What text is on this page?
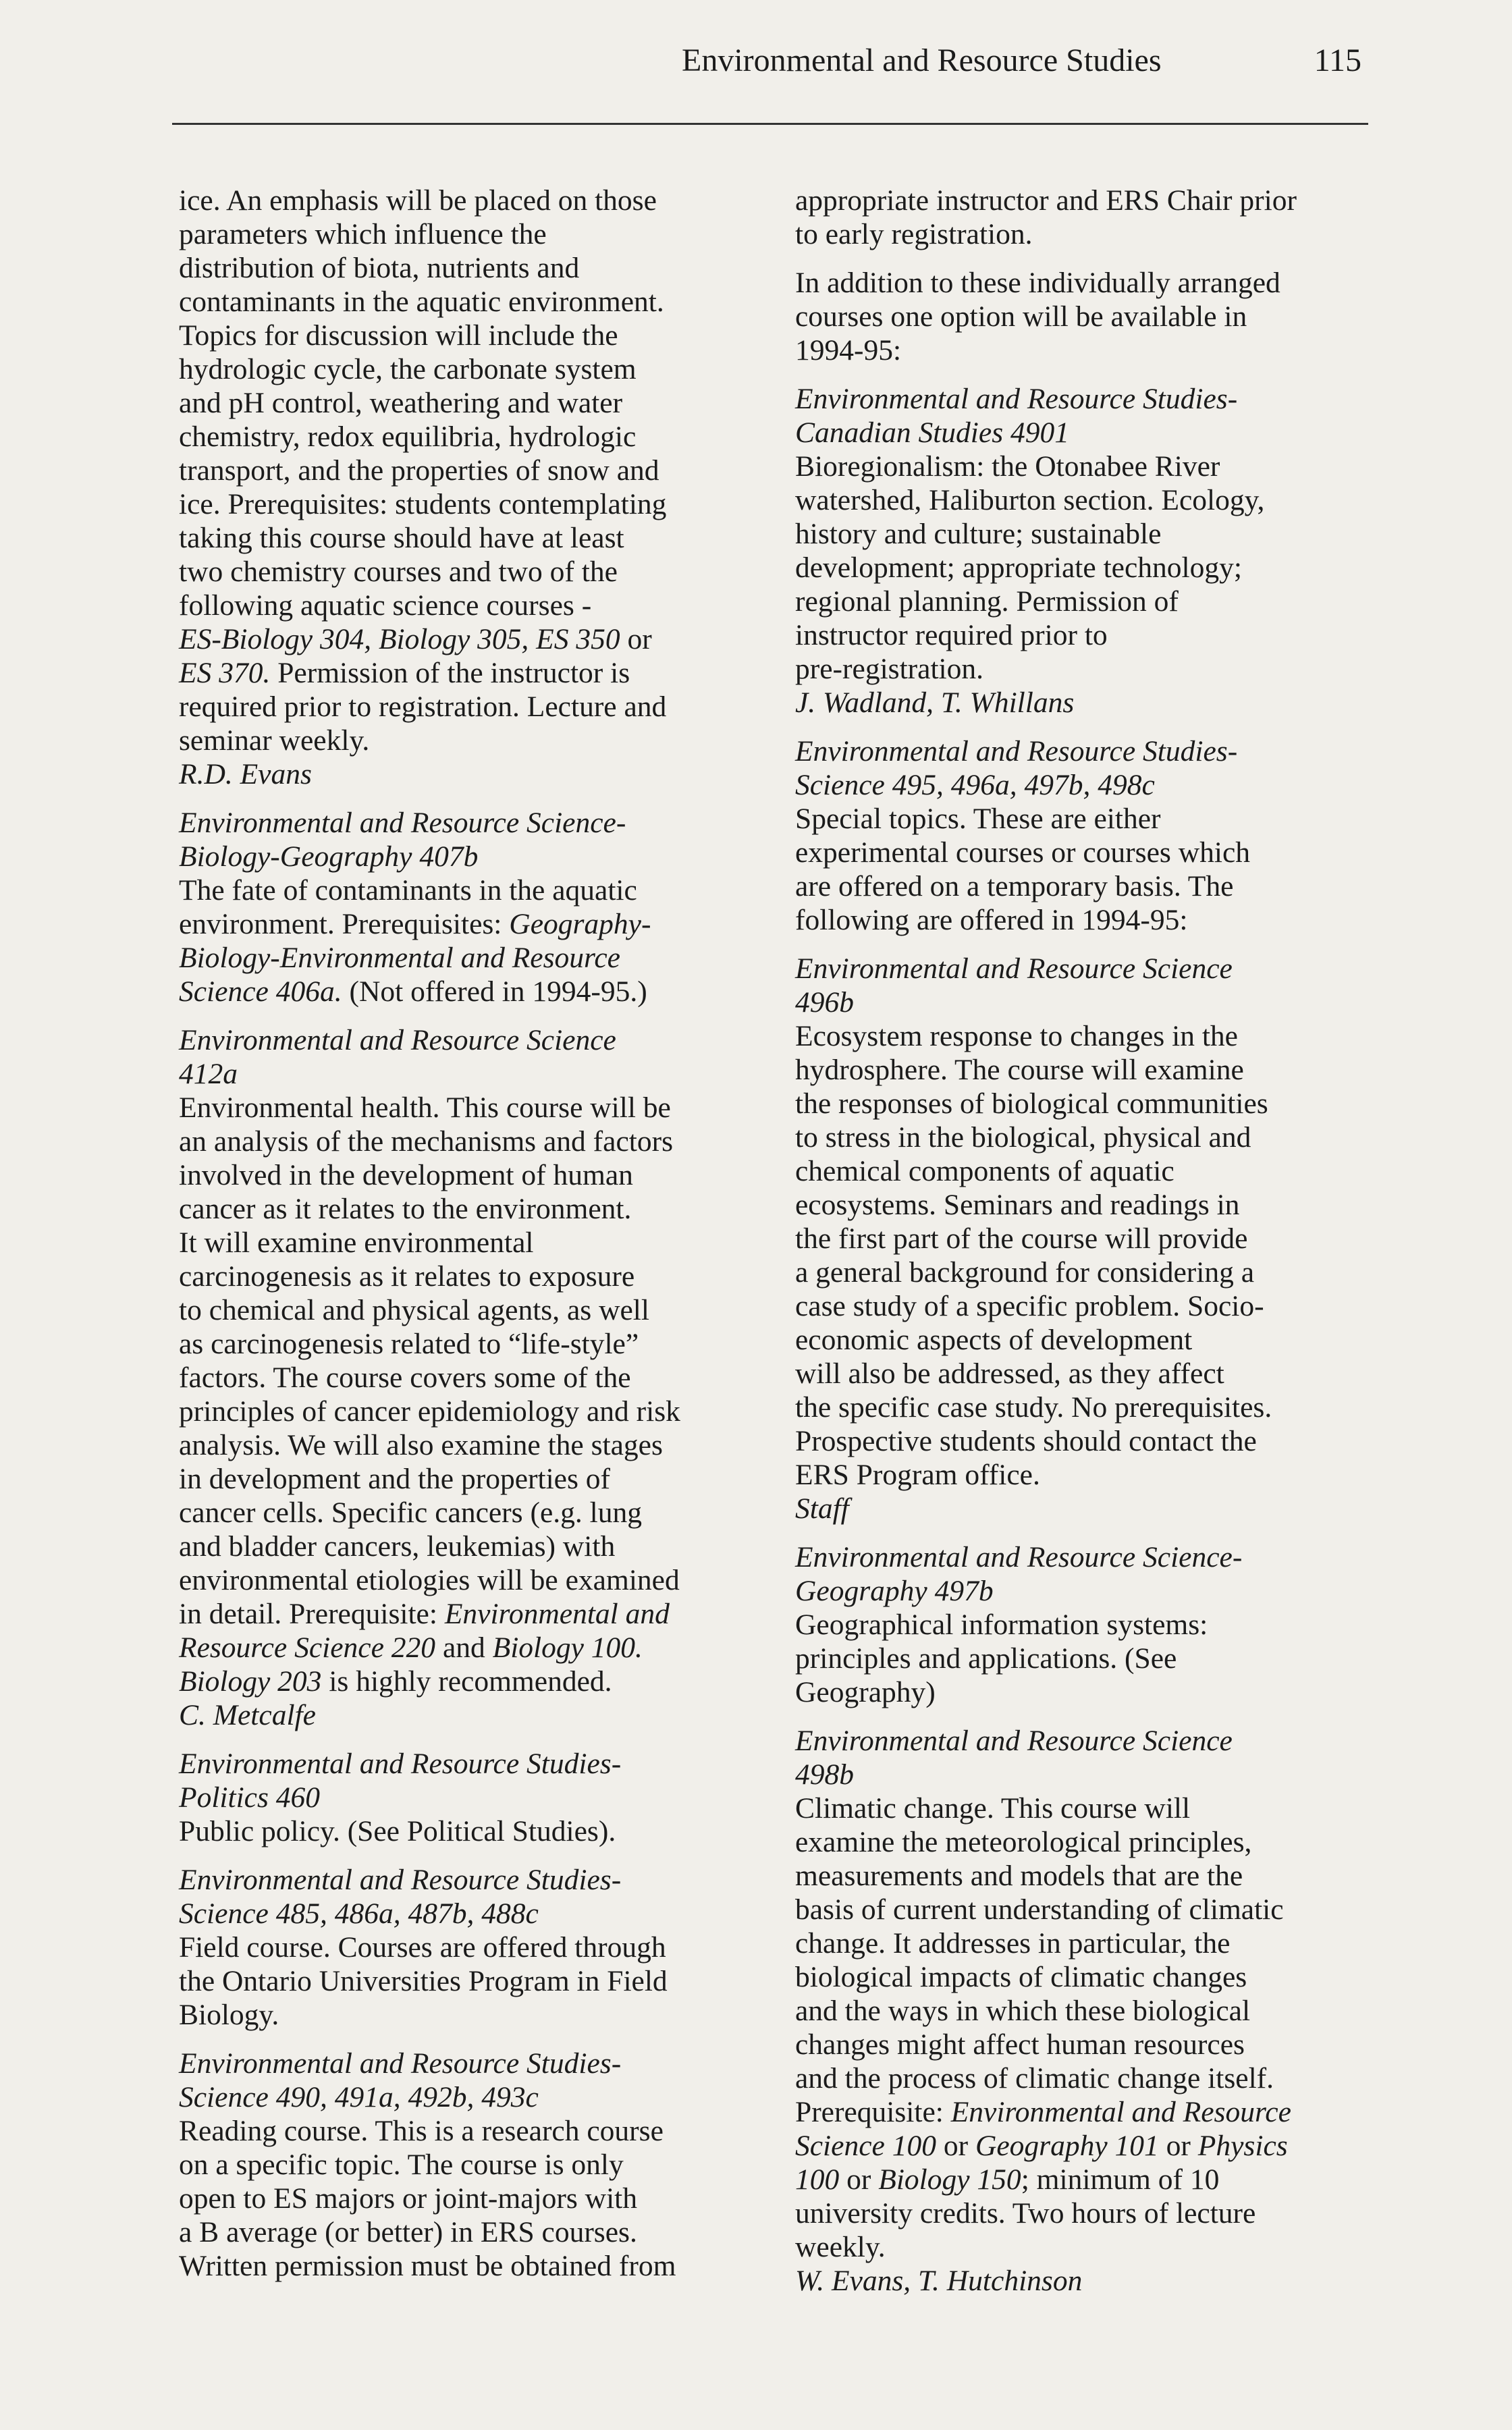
Environmental and Resource Studies	115
ice. An emphasis will be placed on those
parameters which influence the
distribution of biota, nutrients and
contaminants in the aquatic environment.
Topics for discussion will include the
hydrologic cycle, the carbonate system
and pH control, weathering and water
chemistry, redox equilibria, hydrologic
transport, and the properties of snow and
ice. Prerequisites: students contemplating
taking this course should have at least
two chemistry courses and two of the
following aquatic science courses -
ES-Biology 304, Biology 305, ES 350 or
ES 370. Permission of the instructor is
required prior to registration. Lecture and
seminar weekly.
R.D. Evans
Environmental and Resource Science-
Biology-Geography 407b
The fate of contaminants in the aquatic
environment. Prerequisites: Geography-
Biology-Environmental and Resource
Science 406a. (Not offered in 1994-95.)
Environmental and Resource Science
412a
Environmental health. This course will be
an analysis of the mechanisms and factors
involved in the development of human
cancer as it relates to the environment.
It will examine environmental
carcinogenesis as it relates to exposure
to chemical and physical agents, as well
as carcinogenesis related to “life-style”
factors. The course covers some of the
principles of cancer epidemiology and risk
analysis. We will also examine the stages
in development and the properties of
cancer cells. Specific cancers (e.g. lung
and bladder cancers, leukemias) with
environmental etiologies will be examined
in detail. Prerequisite: Environmental and
Resource Science 220 and Biology 100.
Biology 203 is highly recommended.
C. Metcalfe
Environmental and Resource Studies-
Politics 460
Public policy. (See Political Studies).
Environmental and Resource Studies-
Science 485, 486a, 487b, 488c
Field course. Courses are offered through
the Ontario Universities Program in Field
Biology.
Environmental and Resource Studies-
Science 490, 491a, 492b, 493c
Reading course. This is a research course
on a specific topic. The course is only
open to ES majors or joint-majors with
a B average (or better) in ERS courses.
Written permission must be obtained from
appropriate instructor and ERS Chair prior
to early registration.
In addition to these individually arranged
courses one option will be available in
1994-95:
Environmental and Resource Studies-
Canadian Studies 4901
Bioregionalism: the Otonabee River
watershed, Haliburton section. Ecology,
history and culture; sustainable
development; appropriate technology;
regional planning. Permission of
instructor required prior to
pre-registration.
J. Wadland, T. Whillans
Environmental and Resource Studies-
Science 495, 496a, 497b, 498c
Special topics. These are either
experimental courses or courses which
are offered on a temporary basis. The
following are offered in 1994-95:
Environmental and Resource Science
496b
Ecosystem response to changes in the
hydrosphere. The course will examine
the responses of biological communities
to stress in the biological, physical and
chemical components of aquatic
ecosystems. Seminars and readings in
the first part of the course will provide
a general background for considering a
case study of a specific problem. Socio-
economic aspects of development
will also be addressed, as they affect
the specific case study. No prerequisites.
Prospective students should contact the
ERS Program office.
Staff
Environmental and Resource Science-
Geography 497b
Geographical information systems:
principles and applications. (See
Geography)
Environmental and Resource Science
498b
Climatic change. This course will
examine the meteorological principles,
measurements and models that are the
basis of current understanding of climatic
change. It addresses in particular, the
biological impacts of climatic changes
and the ways in which these biological
changes might affect human resources
and the process of climatic change itself.
Prerequisite: Environmental and Resource
Science 100 or Geography 101 or Physics
100 or Biology 150; minimum of 10
university credits. Two hours of lecture
weekly.
W. Evans, T. Hutchinson
